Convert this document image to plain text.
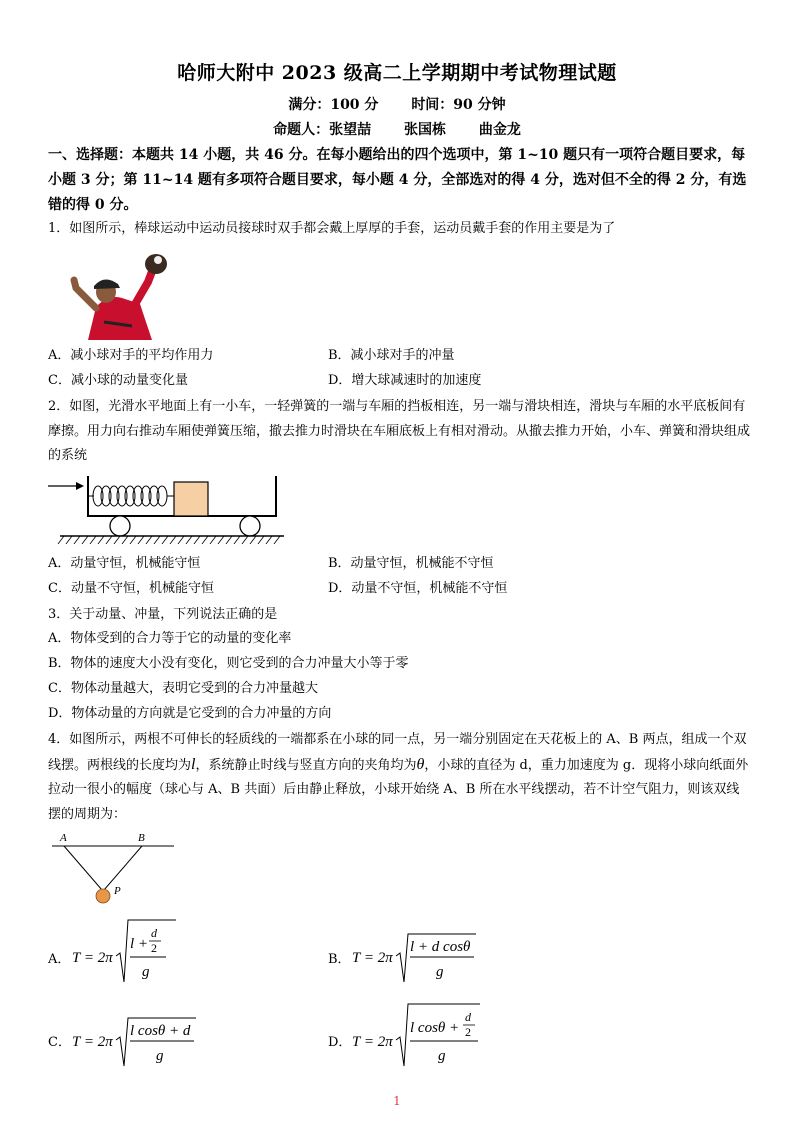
哈师大附中 2023 级高二上学期期中考试物理试题
满分：100 分 时间：90 分钟
命题人：张望喆 张国栋 曲金龙
一、选择题：本题共 14 小题，共 46 分。在每小题给出的四个选项中，第 1~10 题只有一项符合题目要求，每小题 3 分；第 11~14 题有多项符合题目要求，每小题 4 分，全部选对的得 4 分，选对但不全的得 2 分，有选错的得 0 分。
1．如图所示，棒球运动中运动员接球时双手都会戴上厚厚的手套，运动员戴手套的作用主要是为了
A．减小球对手的平均作用力	B．减小球对手的冲量
C．减小球的动量变化量	D．增大球减速时的加速度
2．如图，光滑水平地面上有一小车，一轻弹簧的一端与车厢的挡板相连，另一端与滑块相连，滑块与车厢的水平底板间有摩擦。用力向右推动车厢使弹簧压缩，撤去推力时滑块在车厢底板上有相对滑动。从撤去推力开始，小车、弹簧和滑块组成的系统
A．动量守恒，机械能守恒	B．动量守恒，机械能不守恒
C．动量不守恒，机械能守恒	D．动量不守恒，机械能不守恒
3．关于动量、冲量，下列说法正确的是
A．物体受到的合力等于它的动量的变化率
B．物体的速度大小没有变化，则它受到的合力冲量大小等于零
C．物体动量越大，表明它受到的合力冲量越大
D．物体动量的方向就是它受到的合力冲量的方向
4．如图所示，两根不可伸长的轻质线的一端都系在小球的同一点，另一端分别固定在天花板上的 A、B 两点，组成一个双线摆。两根线的长度均为l，系统静止时线与竖直方向的夹角均为θ，小球的直径为 d，重力加速度为 g．现将小球向纸面外拉动一很小的幅度（球心与 A、B 共面）后由静止释放，小球开始绕 A、B 所在水平线摆动，若不计空气阻力，则该双线摆的周期为：
A	B
P
A． T = 2π
l +
d
2
g
B． T = 2π
l + d cosθ
g
C． T = 2π
l cosθ + d
g
D． T = 2π
l cosθ +
d
2
g
1
